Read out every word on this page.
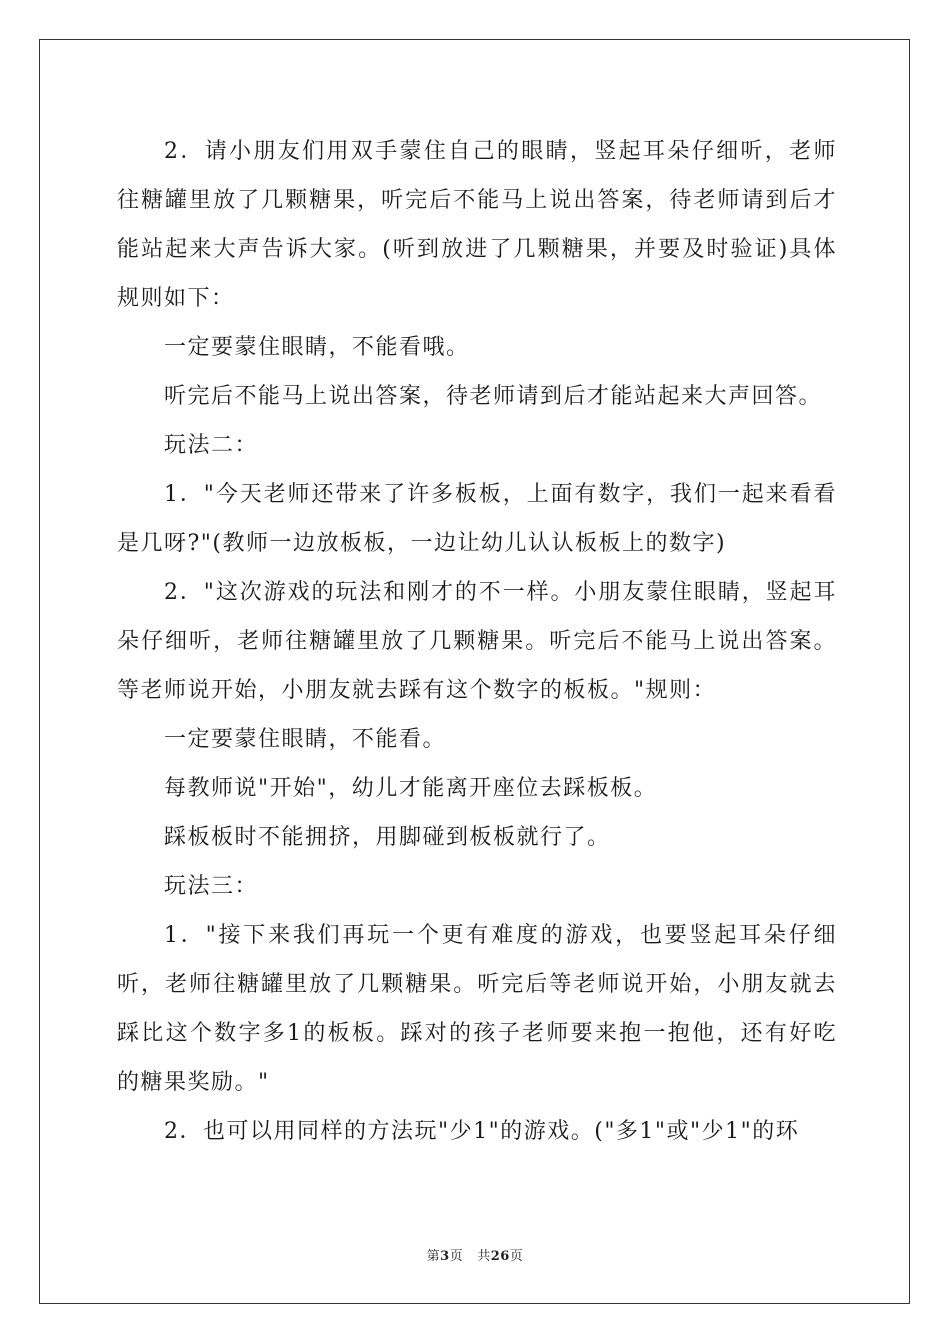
2．请小朋友们用双手蒙住自己的眼睛，竖起耳朵仔细听，老师往糖罐里放了几颗糖果，听完后不能马上说出答案，待老师请到后才能站起来大声告诉大家。(听到放进了几颗糖果，并要及时验证)具体规则如下：

一定要蒙住眼睛，不能看哦。

听完后不能马上说出答案，待老师请到后才能站起来大声回答。

玩法二：

1．"今天老师还带来了许多板板，上面有数字，我们一起来看看是几呀?"(教师一边放板板，一边让幼儿认认板板上的数字)

2．"这次游戏的玩法和刚才的不一样。小朋友蒙住眼睛，竖起耳朵仔细听，老师往糖罐里放了几颗糖果。听完后不能马上说出答案。等老师说开始，小朋友就去踩有这个数字的板板。"规则：

一定要蒙住眼睛，不能看。

每教师说"开始"，幼儿才能离开座位去踩板板。

踩板板时不能拥挤，用脚碰到板板就行了。

玩法三：

1．"接下来我们再玩一个更有难度的游戏，也要竖起耳朵仔细听，老师往糖罐里放了几颗糖果。听完后等老师说开始，小朋友就去踩比这个数字多1的板板。踩对的孩子老师要来抱一抱他，还有好吃的糖果奖励。"

2．也可以用同样的方法玩"少1"的游戏。("多1"或"少1"的环

第3页 共26页
